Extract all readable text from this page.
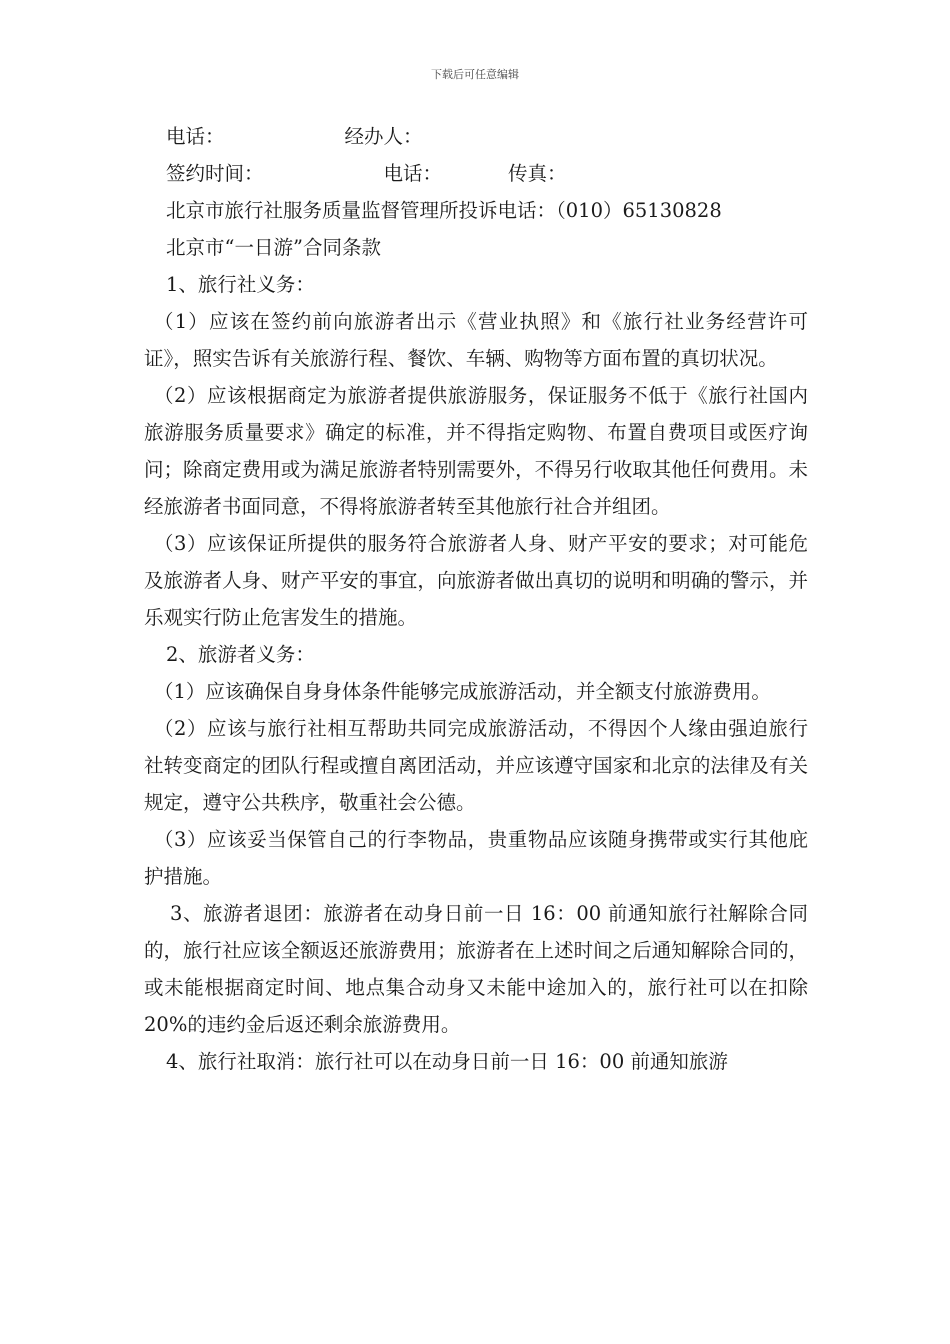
下载后可任意编辑
电话：	经办人：
签约时间：	电话：	传真：
北京市旅行社服务质量监督管理所投诉电话：（010）65130828
北京市“一日游”合同条款
1、旅行社义务：
（1）应该在签约前向旅游者出示《营业执照》和《旅行社业务经营许可证》，照实告诉有关旅游行程、餐饮、车辆、购物等方面布置的真切状况。
（2）应该根据商定为旅游者提供旅游服务，保证服务不低于《旅行社国内旅游服务质量要求》确定的标准，并不得指定购物、布置自费项目或医疗询问；除商定费用或为满足旅游者特别需要外，不得另行收取其他任何费用。未经旅游者书面同意，不得将旅游者转至其他旅行社合并组团。
（3）应该保证所提供的服务符合旅游者人身、财产平安的要求；对可能危及旅游者人身、财产平安的事宜，向旅游者做出真切的说明和明确的警示，并乐观实行防止危害发生的措施。
2、旅游者义务：
（1）应该确保自身身体条件能够完成旅游活动，并全额支付旅游费用。
（2）应该与旅行社相互帮助共同完成旅游活动，不得因个人缘由强迫旅行社转变商定的团队行程或擅自离团活动，并应该遵守国家和北京的法律及有关规定，遵守公共秩序，敬重社会公德。
（3）应该妥当保管自己的行李物品，贵重物品应该随身携带或实行其他庇护措施。
3、旅游者退团：旅游者在动身日前一日 16：00 前通知旅行社解除合同的，旅行社应该全额返还旅游费用；旅游者在上述时间之后通知解除合同的，或未能根据商定时间、地点集合动身又未能中途加入的，旅行社可以在扣除 20%的违约金后返还剩余旅游费用。
4、旅行社取消：旅行社可以在动身日前一日 16：00 前通知旅游
